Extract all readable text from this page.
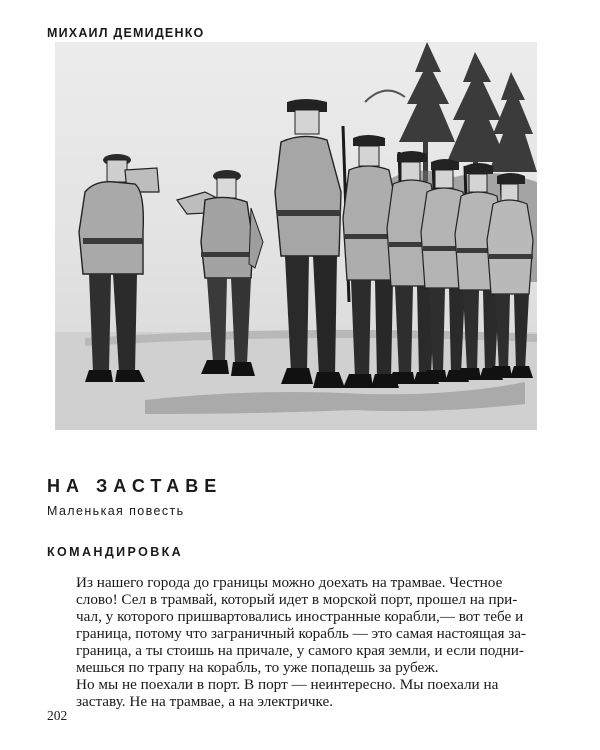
МИХАИЛ ДЕМИДЕНКО
НА ЗАСТАВЕ
Маленькая повесть
КОМАНДИРОВКА

Из нашего города до границы можно доехать на трамвае. Честное
слово! Сел в трамвай, который идет в морской порт, прошел на при-
чал, у которого пришвартовались иностранные корабли,— вот тебе и
граница, потому что заграничный корабль — это самая настоящая за-
граница, а ты стоишь на причале, у самого края земли, и если подни-
мешься по трапу на корабль, то уже попадешь за рубеж.

Но мы не поехали в порт. В порт — неинтересно. Мы поехали на
заставу. Не на трамвае, а на электричке.

202
